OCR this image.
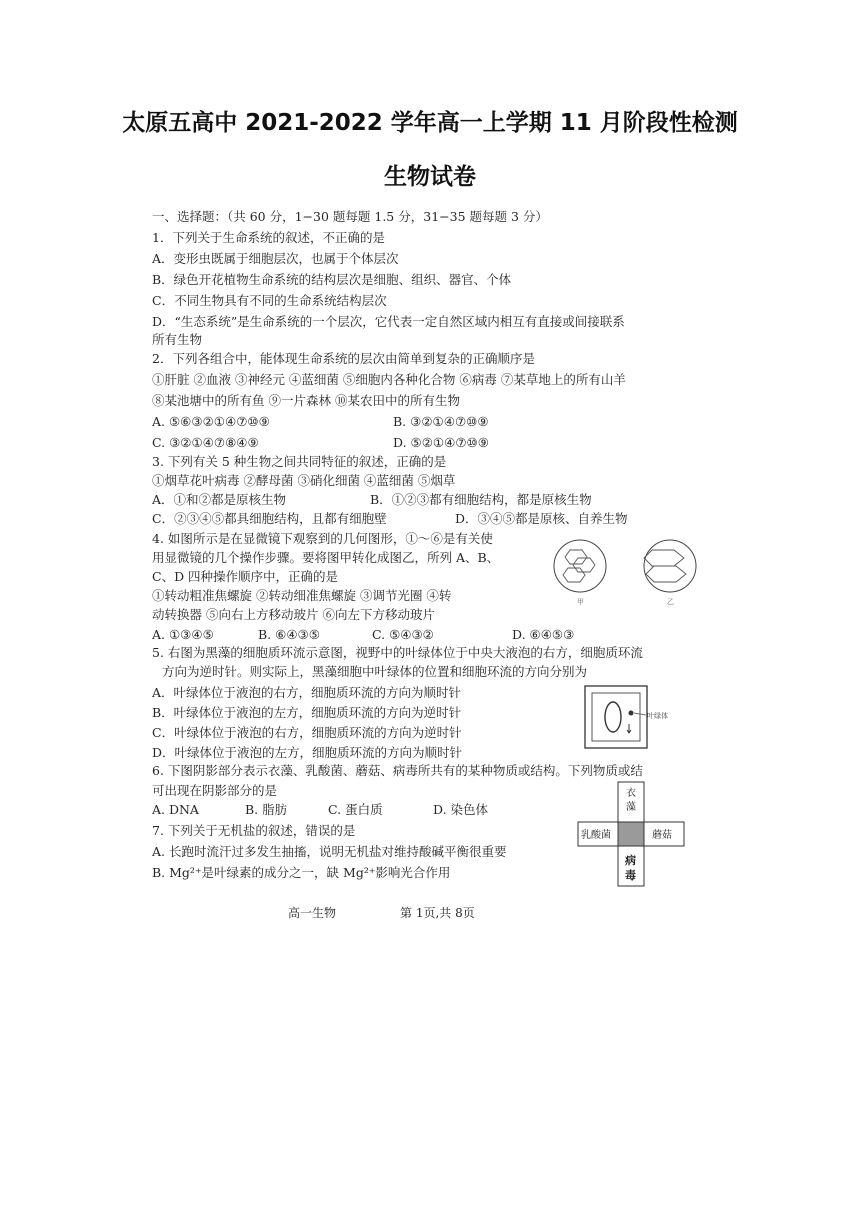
太原五高中 2021-2022 学年高一上学期 11 月阶段性检测
生物试卷
一、选择题：（共 60 分，1−30 题每题 1.5 分，31−35 题每题 3 分）
1．下列关于生命系统的叙述，不正确的是
A．变形虫既属于细胞层次，也属于个体层次
B．绿色开花植物生命系统的结构层次是细胞、组织、器官、个体
C．不同生物具有不同的生命系统结构层次
D．“生态系统”是生命系统的一个层次，它代表一定自然区域内相互有直接或间接联系
所有生物
2．下列各组合中，能体现生命系统的层次由简单到复杂的正确顺序是
①肝脏 ②血液 ③神经元 ④蓝细菌 ⑤细胞内各种化合物 ⑥病毒 ⑦某草地上的所有山羊
⑧某池塘中的所有鱼 ⑨一片森林 ⑩某农田中的所有生物
A. ⑤⑥③②①④⑦⑩⑨	B. ③②①④⑦⑩⑨
C. ③②①④⑦⑧④⑨	D. ⑤②①④⑦⑩⑨
3. 下列有关 5 种生物之间共同特征的叙述，正确的是
①烟草花叶病毒 ②酵母菌 ③硝化细菌 ④蓝细菌 ⑤烟草
A．①和②都是原核生物	B．①②③都有细胞结构，都是原核生物
C．②③④⑤都具细胞结构，且都有细胞壁	D．③④⑤都是原核、自养生物
4. 如图所示是在显微镜下观察到的几何图形，①～⑥是有关使
用显微镜的几个操作步骤。要将图甲转化成图乙，所列 A、B、
C、D 四种操作顺序中，正确的是
①转动粗准焦螺旋 ②转动细准焦螺旋 ③调节光圈 ④转
动转换器 ⑤向右上方移动玻片 ⑥向左下方移动玻片
A. ①③④⑤	B. ⑥④③⑤	C. ⑤④③②	D. ⑥④⑤③
甲	乙
5. 右图为黑藻的细胞质环流示意图，视野中的叶绿体位于中央大液泡的右方，细胞质环流
方向为逆时针。则实际上，黑藻细胞中叶绿体的位置和细胞环流的方向分别为
A．叶绿体位于液泡的右方，细胞质环流的方向为顺时针
B．叶绿体位于液泡的左方，细胞质环流的方向为逆时针
C．叶绿体位于液泡的右方，细胞质环流的方向为逆时针
D．叶绿体位于液泡的左方，细胞质环流的方向为顺时针
叶绿体
6. 下图阴影部分表示衣藻、乳酸菌、蘑菇、病毒所共有的某种物质或结构。下列物质或结
可出现在阴影部分的是
A. DNA	B. 脂肪	C. 蛋白质	D. 染色体
衣
藻
乳酸菌	蘑菇
病
毒
7. 下列关于无机盐的叙述，错误的是
A. 长跑时流汗过多发生抽搐，说明无机盐对维持酸碱平衡很重要
B. Mg²⁺是叶绿素的成分之一，缺 Mg²⁺影响光合作用
高一生物	第 1页,共 8页
